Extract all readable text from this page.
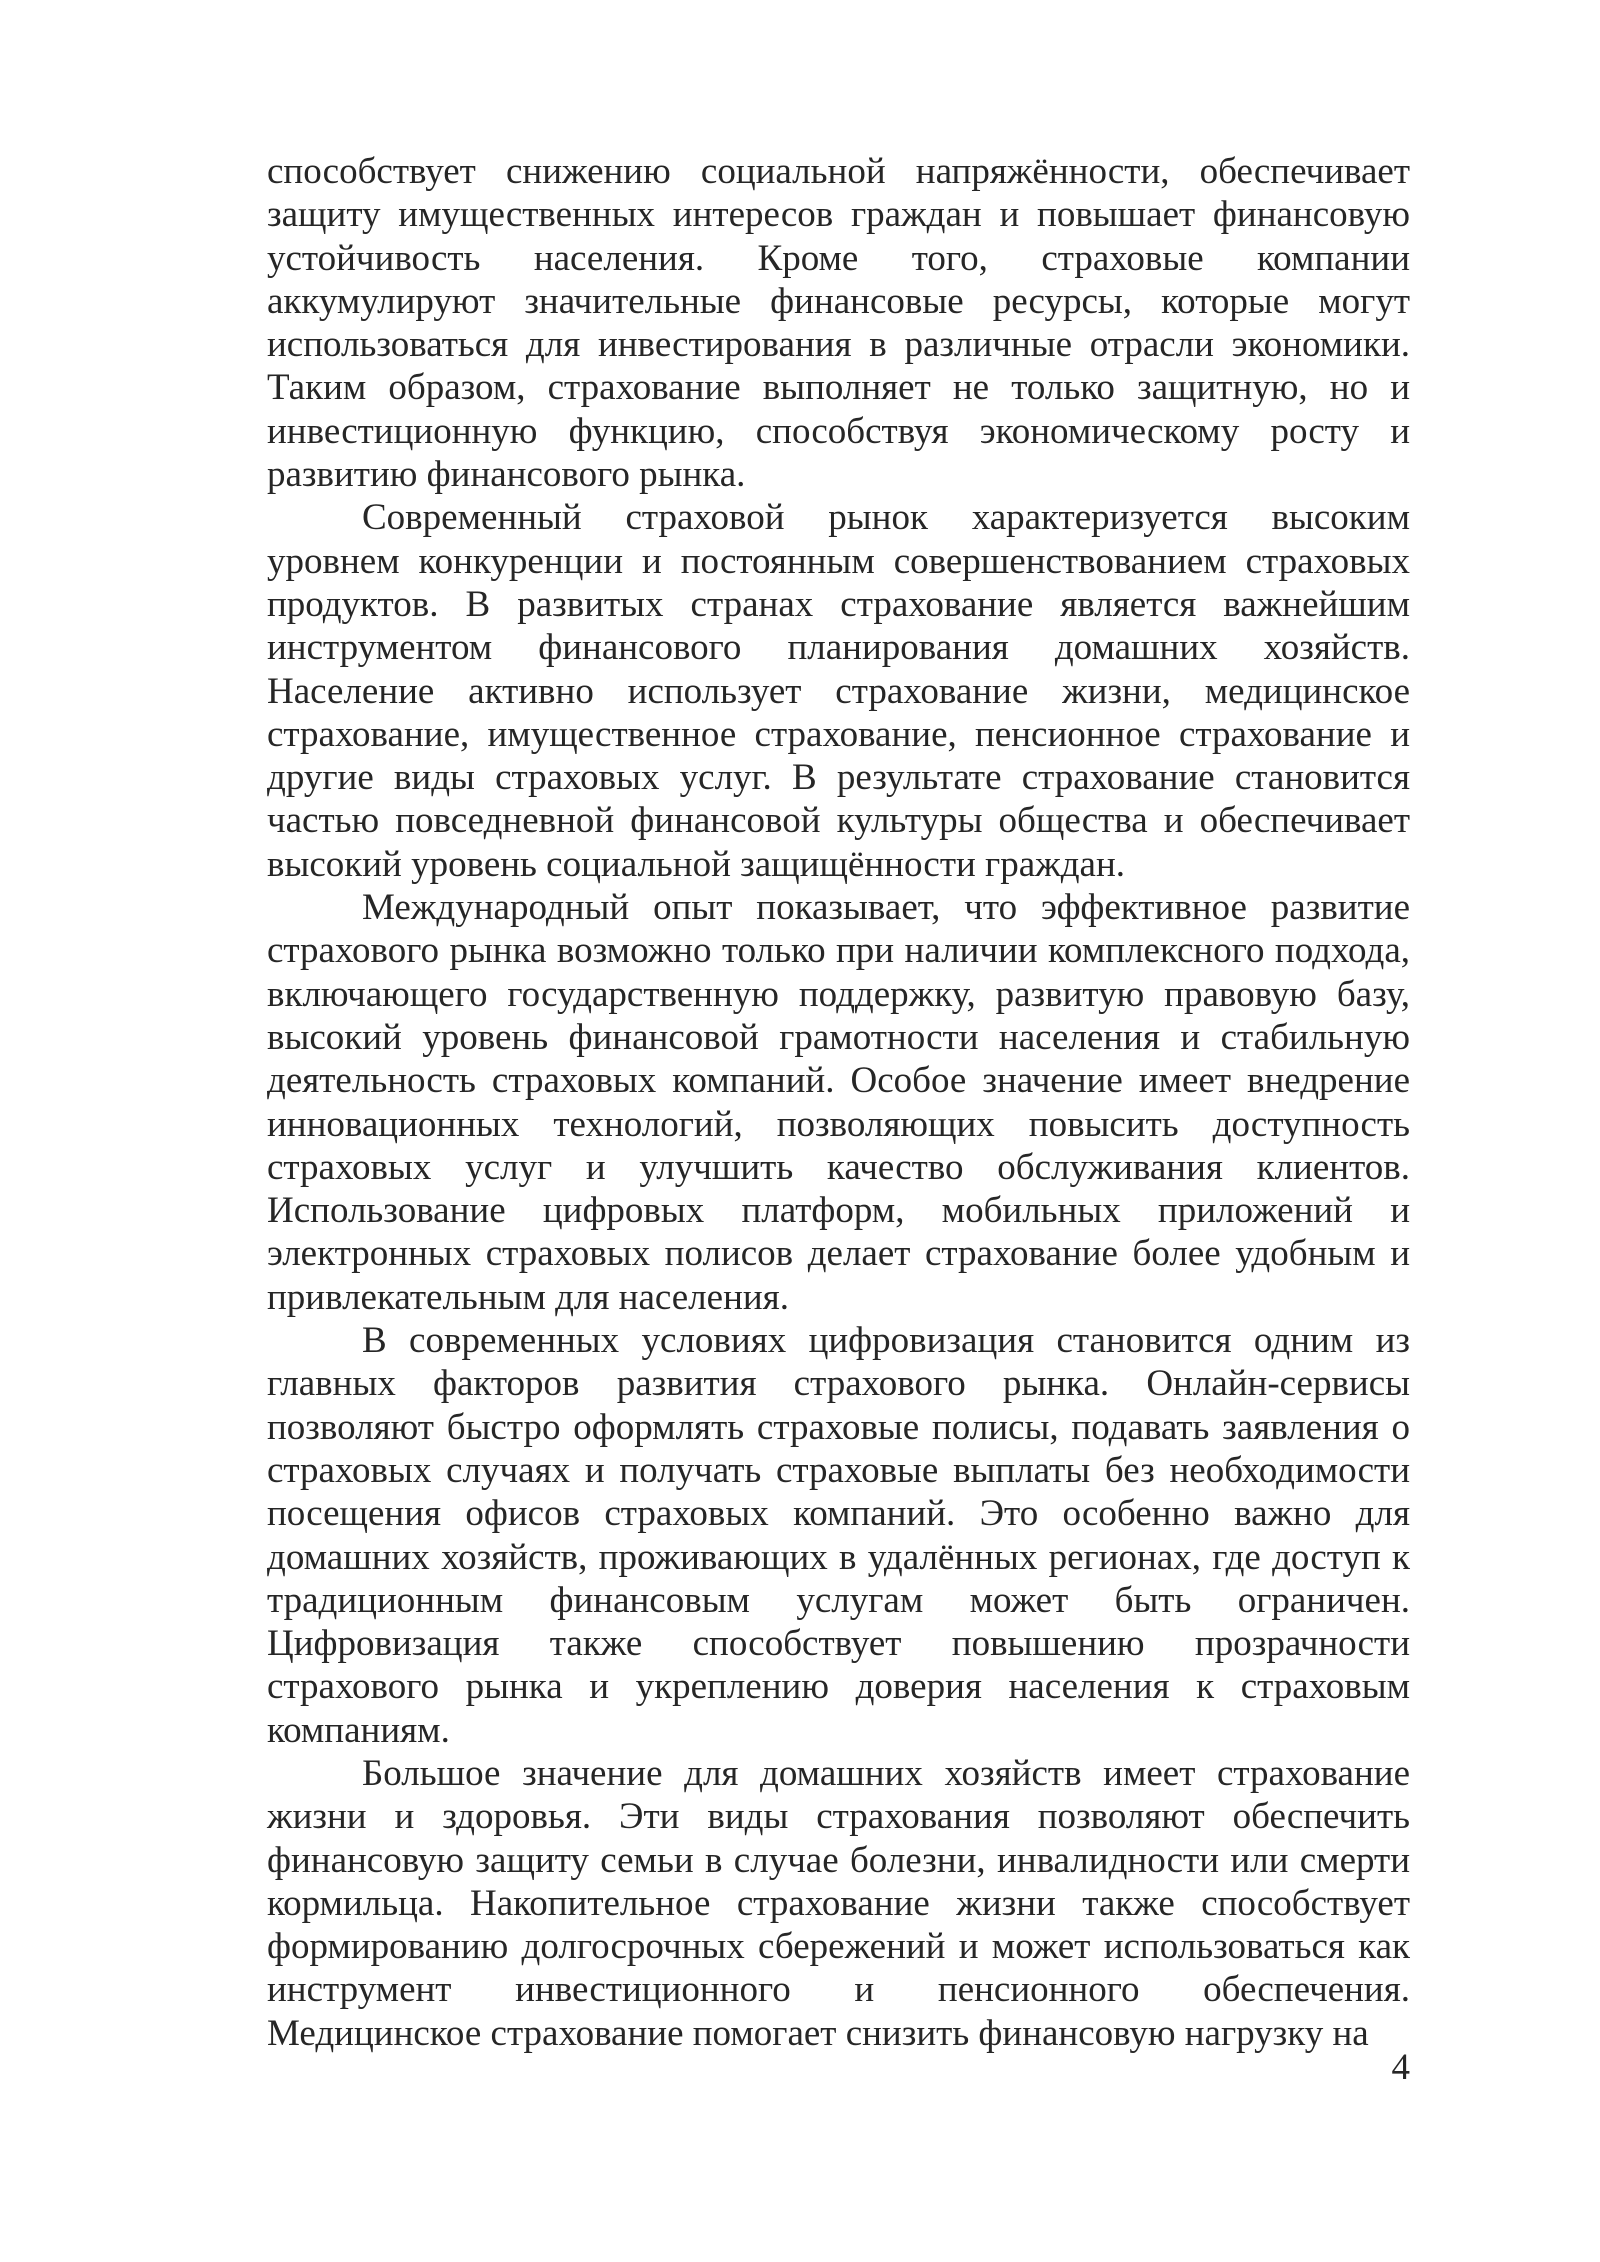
способствует снижению социальной напряжённости, обеспечивает защиту имущественных интересов граждан и повышает финансовую устойчивость населения. Кроме того, страховые компании аккумулируют значительные финансовые ресурсы, которые могут использоваться для инвестирования в различные отрасли экономики. Таким образом, страхование выполняет не только защитную, но и инвестиционную функцию, способствуя экономическому росту и развитию финансового рынка.

Современный страховой рынок характеризуется высоким уровнем конкуренции и постоянным совершенствованием страховых продуктов. В развитых странах страхование является важнейшим инструментом финансового планирования домашних хозяйств. Население активно использует страхование жизни, медицинское страхование, имущественное страхование, пенсионное страхование и другие виды страховых услуг. В результате страхование становится частью повседневной финансовой культуры общества и обеспечивает высокий уровень социальной защищённости граждан.

Международный опыт показывает, что эффективное развитие страхового рынка возможно только при наличии комплексного подхода, включающего государственную поддержку, развитую правовую базу, высокий уровень финансовой грамотности населения и стабильную деятельность страховых компаний. Особое значение имеет внедрение инновационных технологий, позволяющих повысить доступность страховых услуг и улучшить качество обслуживания клиентов. Использование цифровых платформ, мобильных приложений и электронных страховых полисов делает страхование более удобным и привлекательным для населения.

В современных условиях цифровизация становится одним из главных факторов развития страхового рынка. Онлайн-сервисы позволяют быстро оформлять страховые полисы, подавать заявления о страховых случаях и получать страховые выплаты без необходимости посещения офисов страховых компаний. Это особенно важно для домашних хозяйств, проживающих в удалённых регионах, где доступ к традиционным финансовым услугам может быть ограничен. Цифровизация также способствует повышению прозрачности страхового рынка и укреплению доверия населения к страховым компаниям.

Большое значение для домашних хозяйств имеет страхование жизни и здоровья. Эти виды страхования позволяют обеспечить финансовую защиту семьи в случае болезни, инвалидности или смерти кормильца. Накопительное страхование жизни также способствует формированию долгосрочных сбережений и может использоваться как инструмент инвестиционного и пенсионного обеспечения. Медицинское страхование помогает снизить финансовую нагрузку на

4
